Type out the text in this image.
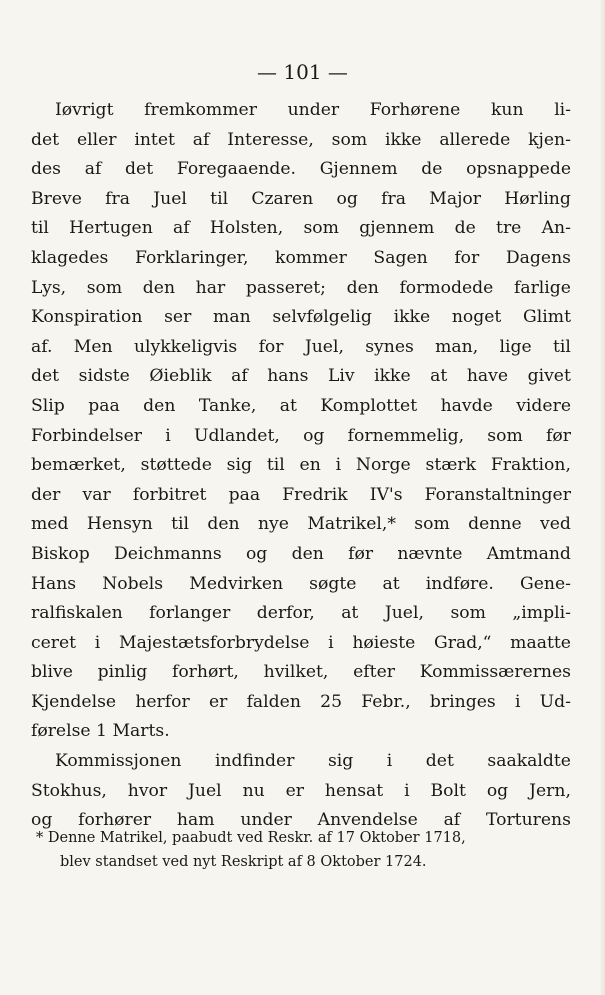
— 101 —
Iøvrigt fremkommer under Forhørene kun li-
det eller intet af Interesse, som ikke allerede kjen-
des af det Foregaaende. Gjennem de opsnappede
Breve fra Juel til Czaren og fra Major Hørling
til Hertugen af Holsten, som gjennem de tre An-
klagedes Forklaringer, kommer Sagen for Dagens
Lys, som den har passeret; den formodede farlige
Konspiration ser man selvfølgelig ikke noget Glimt
af. Men ulykkeligvis for Juel, synes man, lige til
det sidste Øieblik af hans Liv ikke at have givet
Slip paa den Tanke, at Komplottet havde videre
Forbindelser i Udlandet, og fornemmelig, som før
bemærket, støttede sig til en i Norge stærk Fraktion,
der var forbitret paa Fredrik IV's Foranstaltninger
med Hensyn til den nye Matrikel,* som denne ved
Biskop Deichmanns og den før nævnte Amtmand
Hans Nobels Medvirken søgte at indføre. Gene-
ralfiskalen forlanger derfor, at Juel, som „impli-
ceret i Majestætsforbrydelse i høieste Grad,“ maatte
blive pinlig forhørt, hvilket, efter Kommissærernes
Kjendelse herfor er falden 25 Febr., bringes i Ud-
førelse 1 Marts.
Kommissjonen indfinder sig i det saakaldte
Stokhus, hvor Juel nu er hensat i Bolt og Jern,
og forhører ham under Anvendelse af Torturens
* Denne Matrikel, paabudt ved Reskr. af 17 Oktober 1718,
blev standset ved nyt Reskript af 8 Oktober 1724.
